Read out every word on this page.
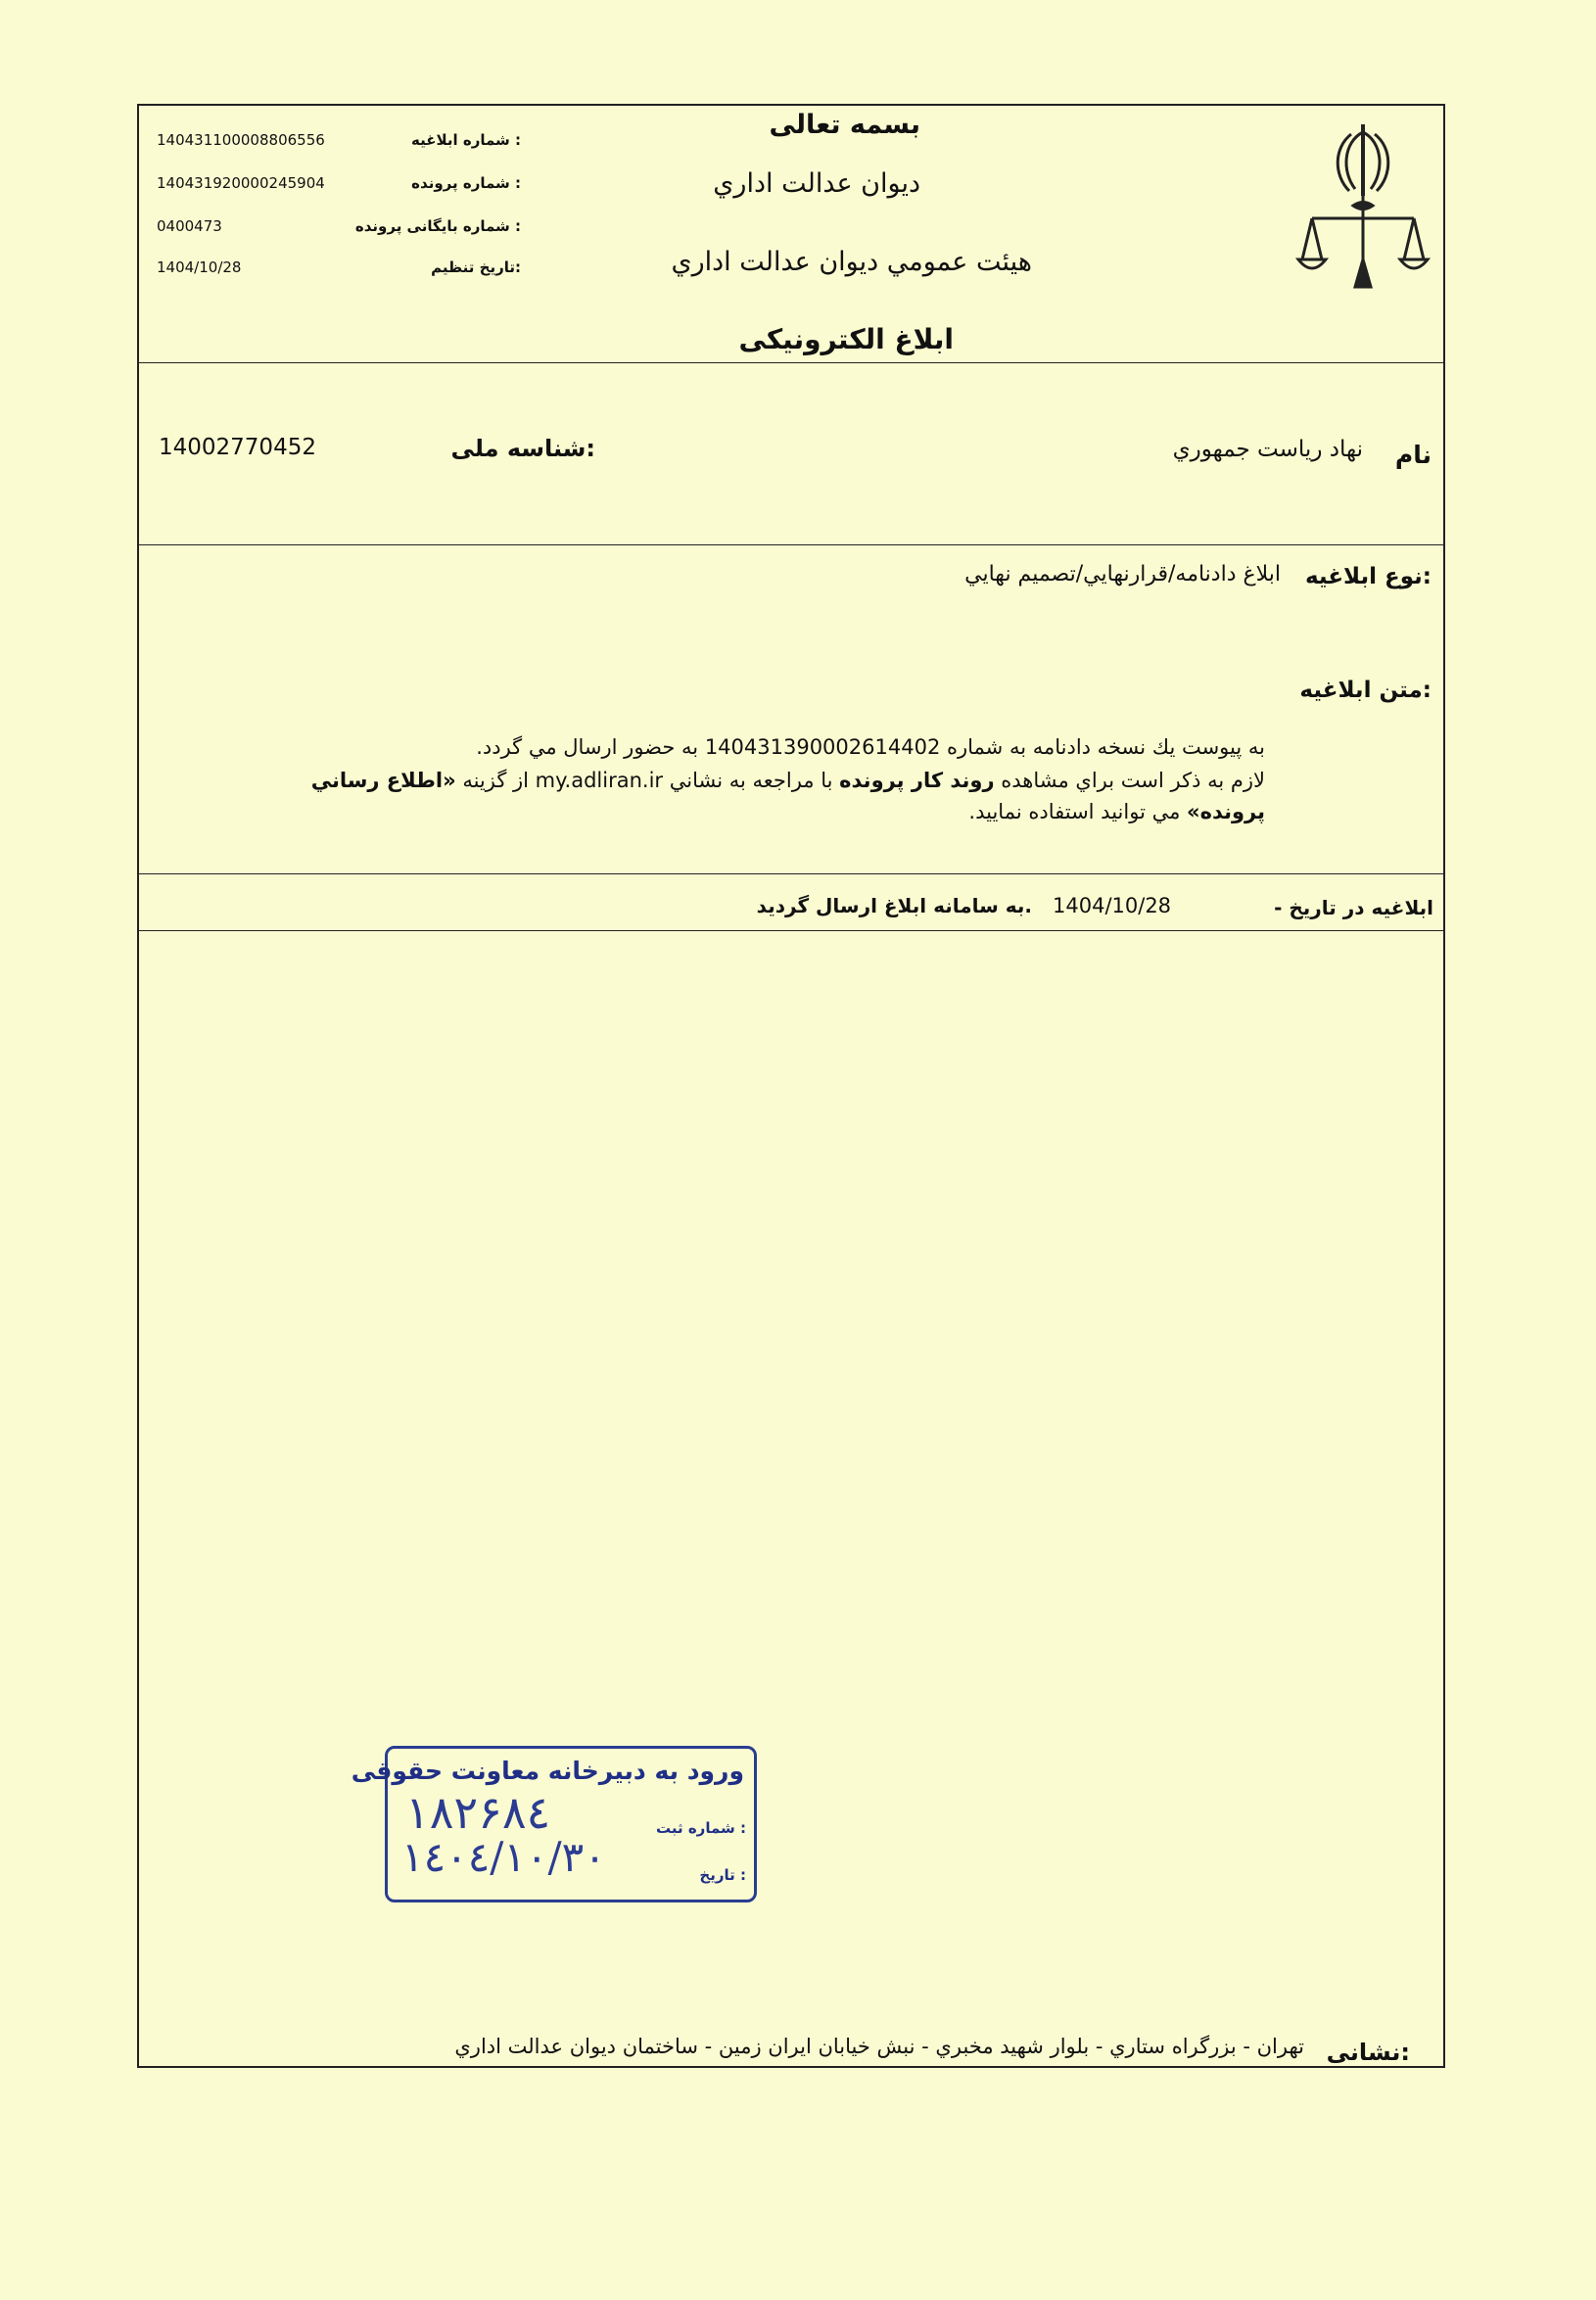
بسمه تعالی
ديوان عدالت اداري
هيئت عمومي ديوان عدالت اداري
ابلاغ الکترونيکی
شماره ابلاغیه :
140431100008806556
شماره پرونده :
140431920000245904
شماره بایگانی پرونده :
0400473
تاریخ تنظیم:
1404/10/28
نام
نهاد رياست جمهوري
شناسه ملی:
14002770452
نوع ابلاغیه:
ابلاغ دادنامه/قرارنهايي/تصميم نهايي
متن ابلاغیه:
به پيوست يك نسخه دادنامه به شماره 140431390002614402 به حضور ارسال مي گردد.
لازم به ذكر است براي مشاهده روند كار پرونده با مراجعه به نشاني my.adliran.ir از گزينه «اطلاع رساني
پرونده» مي توانيد استفاده نماييد.
- ابلاغیه در تاریخ
1404/10/28
به سامانه ابلاغ ارسال گردید.
ورود به دبیرخانه معاونت حقوقی
شماره ثبت :
۱۸۲۶۸٤
تاریخ :
۱٤۰٤/۱۰/۳۰
نشانی:
تهران - بزرگراه ستاري - بلوار شهيد مخبري - نبش خيابان ايران زمين - ساختمان ديوان عدالت اداري
